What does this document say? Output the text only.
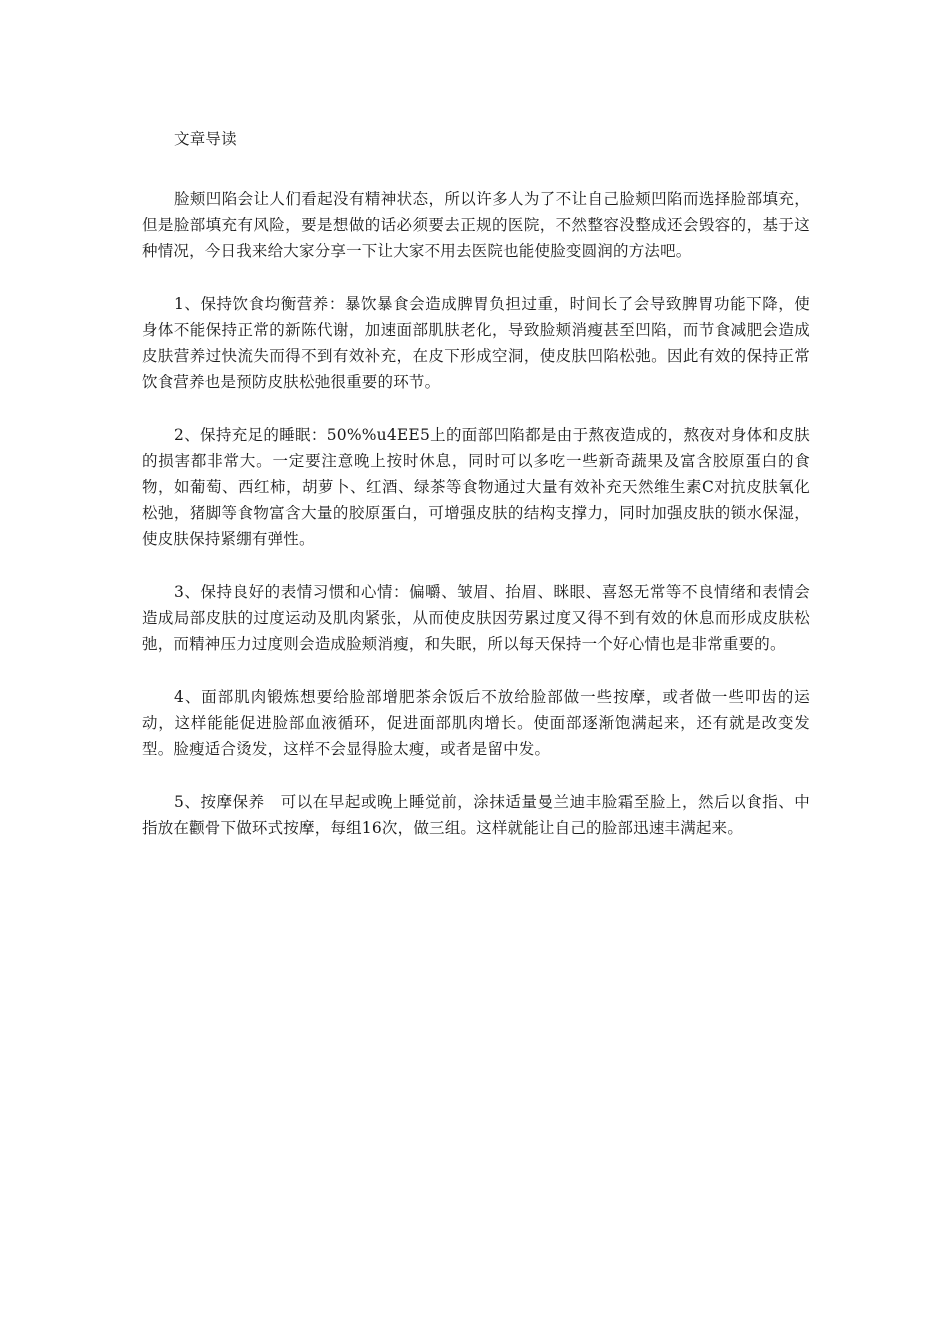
文章导读

脸颊凹陷会让人们看起没有精神状态，所以许多人为了不让自己脸颊凹陷而选择脸部填充，但是脸部填充有风险，要是想做的话必须要去正规的医院，不然整容没整成还会毁容的，基于这种情况，今日我来给大家分享一下让大家不用去医院也能使脸变圆润的方法吧。

1、保持饮食均衡营养：暴饮暴食会造成脾胃负担过重，时间长了会导致脾胃功能下降，使身体不能保持正常的新陈代谢，加速面部肌肤老化，导致脸颊消瘦甚至凹陷，而节食减肥会造成皮肤营养过快流失而得不到有效补充，在皮下形成空洞，使皮肤凹陷松弛。因此有效的保持正常饮食营养也是预防皮肤松弛很重要的环节。

2、保持充足的睡眠：50%%u4EE5上的面部凹陷都是由于熬夜造成的，熬夜对身体和皮肤的损害都非常大。一定要注意晚上按时休息，同时可以多吃一些新奇蔬果及富含胶原蛋白的食物，如葡萄、西红柿，胡萝卜、红酒、绿茶等食物通过大量有效补充天然维生素C对抗皮肤氧化松弛，猪脚等食物富含大量的胶原蛋白，可增强皮肤的结构支撑力，同时加强皮肤的锁水保湿，使皮肤保持紧绷有弹性。

3、保持良好的表情习惯和心情：偏嚼、皱眉、抬眉、眯眼、喜怒无常等不良情绪和表情会造成局部皮肤的过度运动及肌肉紧张，从而使皮肤因劳累过度又得不到有效的休息而形成皮肤松弛，而精神压力过度则会造成脸颊消瘦，和失眠，所以每天保持一个好心情也是非常重要的。

4、面部肌肉锻炼想要给脸部增肥茶余饭后不放给脸部做一些按摩，或者做一些叩齿的运动，这样能能促进脸部血液循环，促进面部肌肉增长。使面部逐渐饱满起来，还有就是改变发型。脸瘦适合烫发，这样不会显得脸太瘦，或者是留中发。

5、按摩保养　可以在早起或晚上睡觉前，涂抹适量曼兰迪丰脸霜至脸上，然后以食指、中指放在颧骨下做环式按摩，每组16次，做三组。这样就能让自己的脸部迅速丰满起来。
